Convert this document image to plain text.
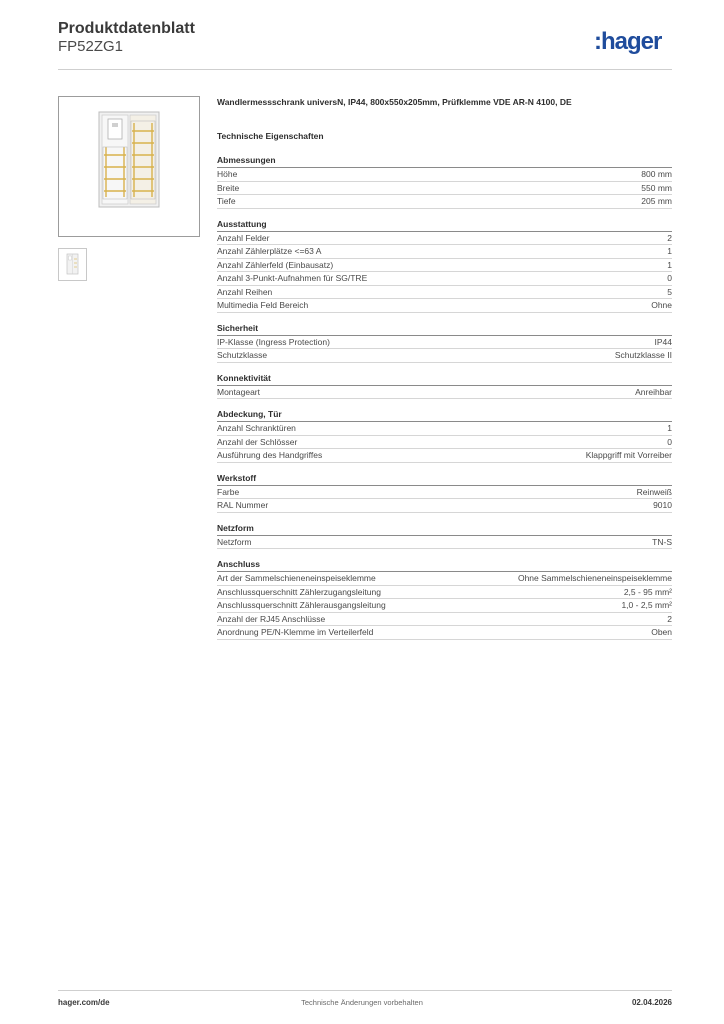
Produktdatenblatt
FP52ZG1	:hager
Wandlermessschrank universN, IP44, 800x550x205mm, Prüfklemme VDE AR-N 4100, DE
Technische Eigenschaften
Abmessungen
Höhe	800 mm
Breite	550 mm
Tiefe	205 mm
Ausstattung
Anzahl Felder	2
Anzahl Zählerplätze <=63 A	1
Anzahl Zählerfeld (Einbausatz)	1
Anzahl 3-Punkt-Aufnahmen für SG/TRE	0
Anzahl Reihen	5
Multimedia Feld Bereich	Ohne
Sicherheit
IP-Klasse (Ingress Protection)	IP44
Schutzklasse	Schutzklasse II
Konnektivität
Montageart	Anreihbar
Abdeckung, Tür
Anzahl Schranktüren	1
Anzahl der Schlösser	0
Ausführung des Handgriffes	Klappgriff mit Vorreiber
Werkstoff
Farbe	Reinweiß
RAL Nummer	9010
Netzform
Netzform	TN-S
Anschluss
Art der Sammelschieneneinspeiseklemme	Ohne Sammelschieneneinspeiseklemme
Anschlussquerschnitt Zählerzugangsleitung	2,5 - 95 mm²
Anschlussquerschnitt Zählerausgangsleitung	1,0 - 2,5 mm²
Anzahl der RJ45 Anschlüsse	2
Anordnung PE/N-Klemme im Verteilerfeld	Oben
hager.com/de	Technische Änderungen vorbehalten	02.04.2026
